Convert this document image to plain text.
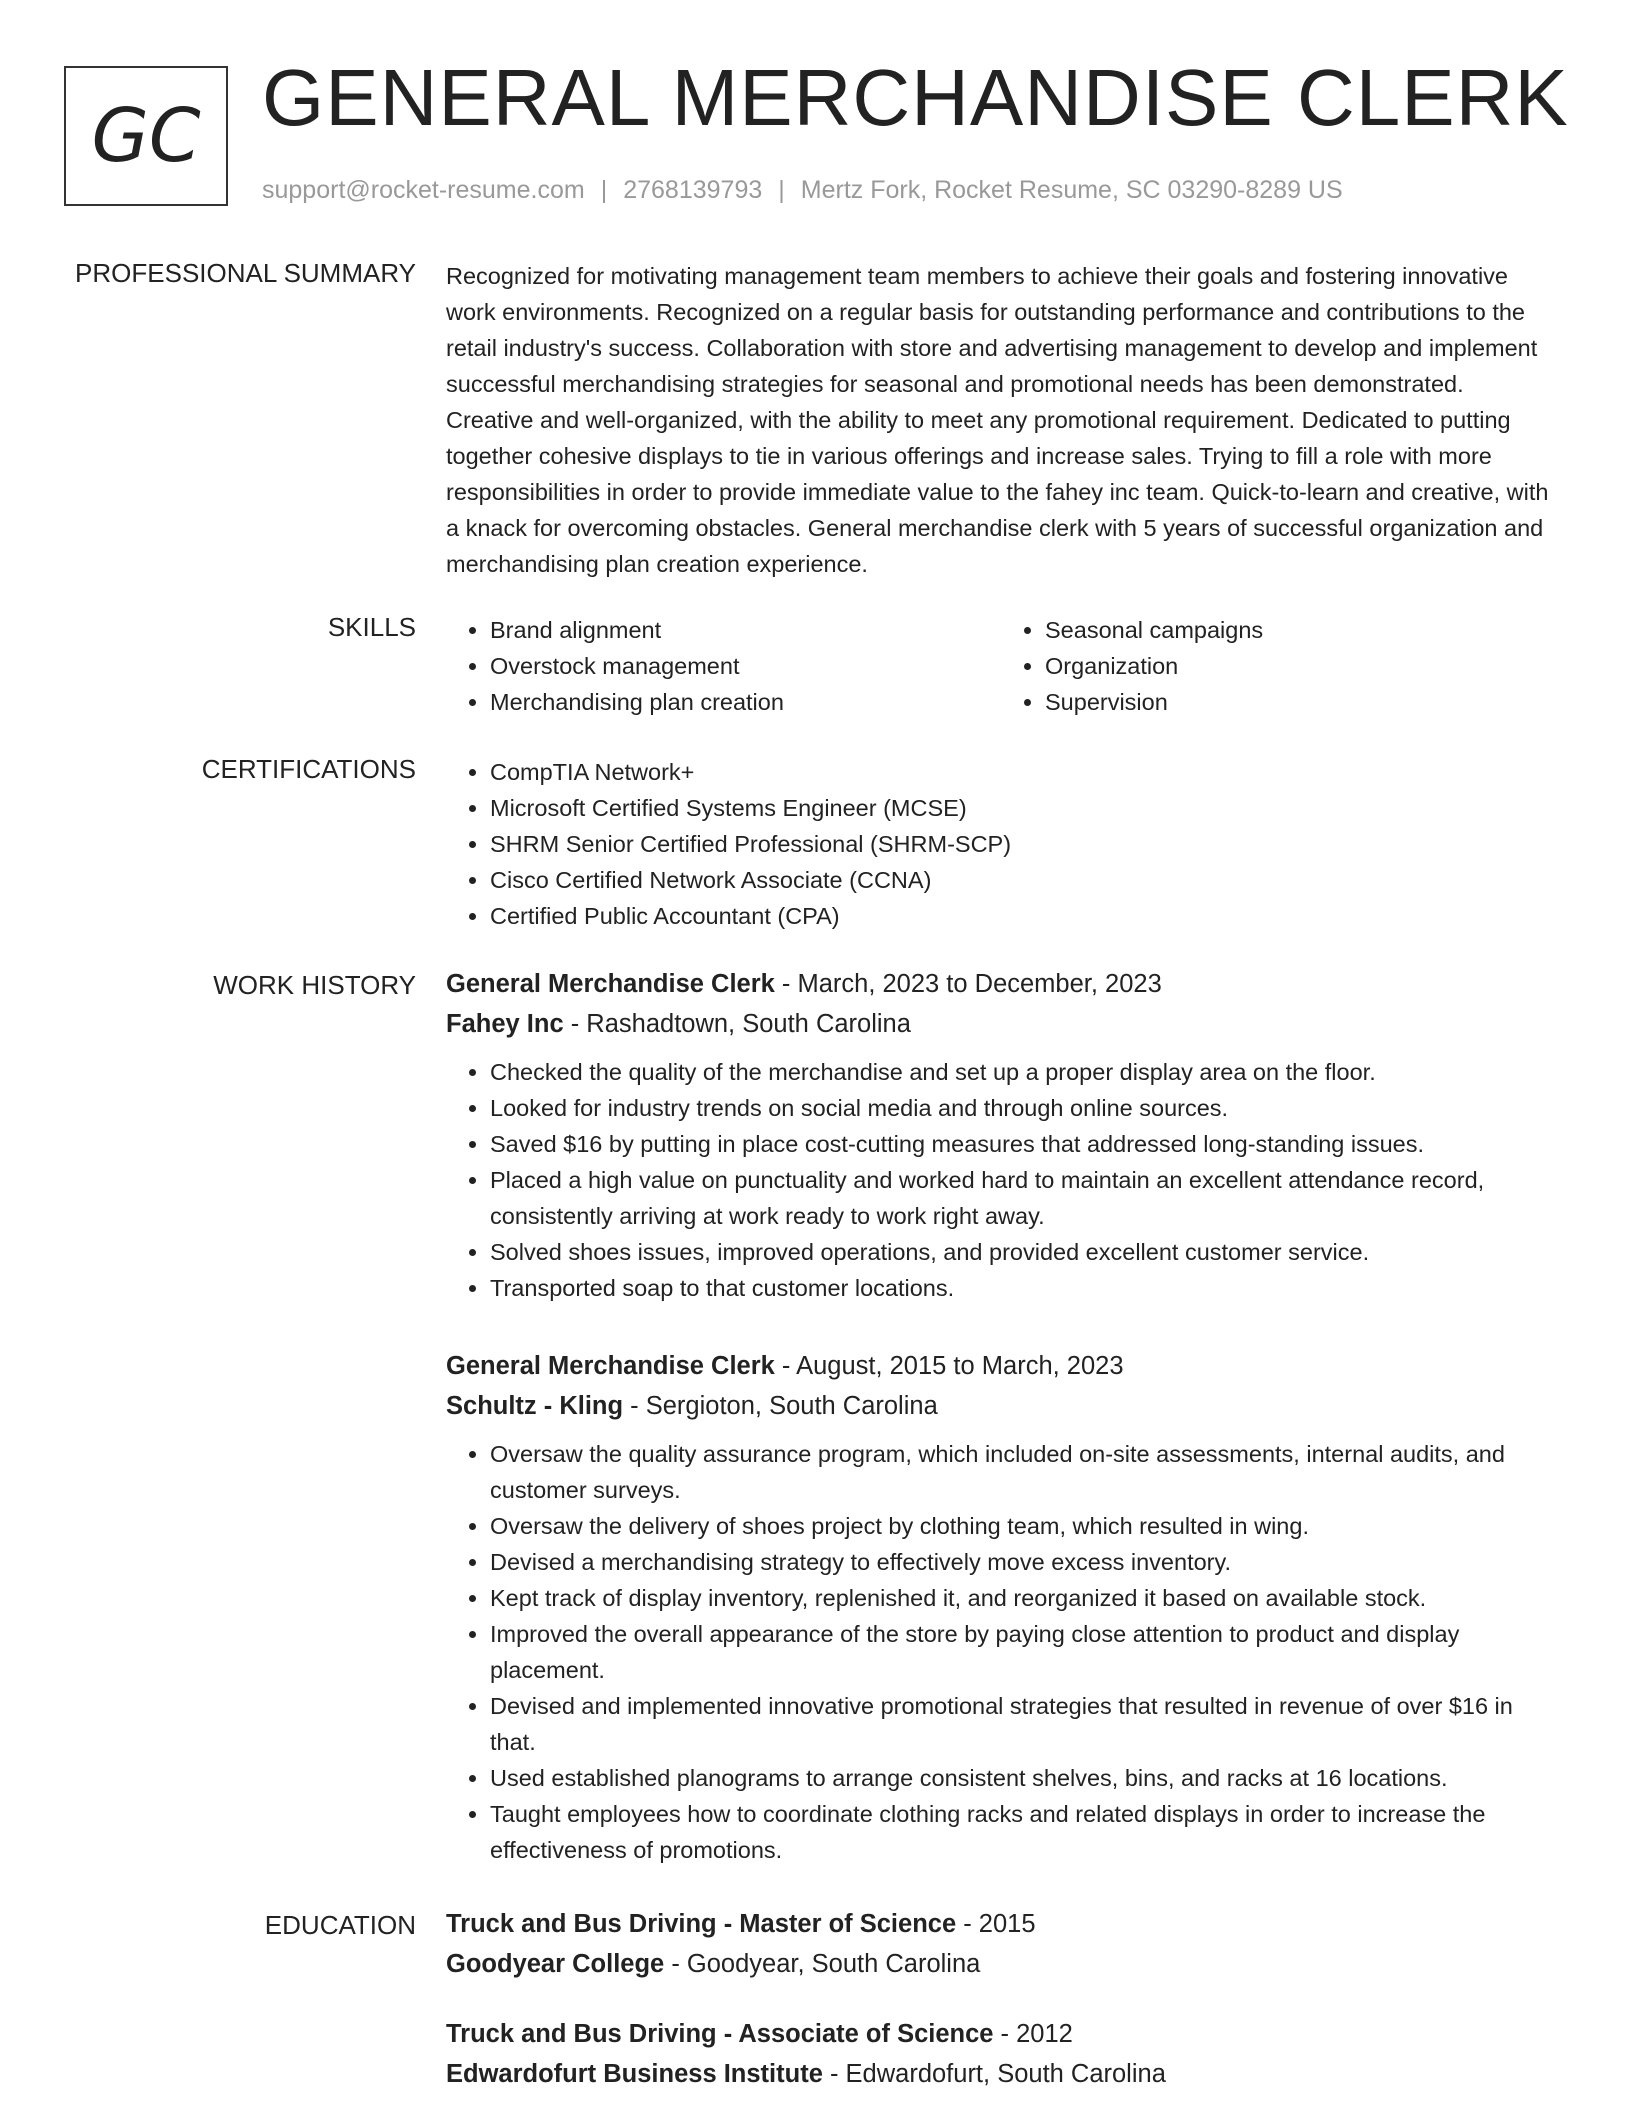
GC GENERAL MERCHANDISE CLERK
support@rocket-resume.com | 2768139793 | Mertz Fork, Rocket Resume, SC 03290-8289 US
PROFESSIONAL SUMMARY Recognized for motivating management team members to achieve their goals and fostering innovative work environments. Recognized on a regular basis for outstanding performance and contributions to the retail industry's success. Collaboration with store and advertising management to develop and implement successful merchandising strategies for seasonal and promotional needs has been demonstrated. Creative and well-organized, with the ability to meet any promotional requirement. Dedicated to putting together cohesive displays to tie in various offerings and increase sales. Trying to fill a role with more responsibilities in order to provide immediate value to the fahey inc team. Quick-to-learn and creative, with a knack for overcoming obstacles. General merchandise clerk with 5 years of successful organization and merchandising plan creation experience.
SKILLS	• Brand alignment
• Overstock management
• Merchandising plan creation
• Seasonal campaigns
• Organization
• Supervision
CERTIFICATIONS	• CompTIA Network+
• Microsoft Certified Systems Engineer (MCSE)
• SHRM Senior Certified Professional (SHRM-SCP)
• Cisco Certified Network Associate (CCNA)
• Certified Public Accountant (CPA)
WORK HISTORY General Merchandise Clerk - March, 2023 to December, 2023
Fahey Inc - Rashadtown, South Carolina
• Checked the quality of the merchandise and set up a proper display area on the floor.
• Looked for industry trends on social media and through online sources.
• Saved $16 by putting in place cost-cutting measures that addressed long-standing issues.
• Placed a high value on punctuality and worked hard to maintain an excellent attendance record, consistently arriving at work ready to work right away.
• Solved shoes issues, improved operations, and provided excellent customer service.
• Transported soap to that customer locations.
General Merchandise Clerk - August, 2015 to March, 2023
Schultz - Kling - Sergioton, South Carolina
• Oversaw the quality assurance program, which included on-site assessments, internal audits, and customer surveys.
• Oversaw the delivery of shoes project by clothing team, which resulted in wing.
• Devised a merchandising strategy to effectively move excess inventory.
• Kept track of display inventory, replenished it, and reorganized it based on available stock.
• Improved the overall appearance of the store by paying close attention to product and display placement.
• Devised and implemented innovative promotional strategies that resulted in revenue of over $16 in that.
• Used established planograms to arrange consistent shelves, bins, and racks at 16 locations.
• Taught employees how to coordinate clothing racks and related displays in order to increase the effectiveness of promotions.
EDUCATION Truck and Bus Driving - Master of Science - 2015
Goodyear College - Goodyear, South Carolina
Truck and Bus Driving - Associate of Science - 2012
Edwardofurt Business Institute - Edwardofurt, South Carolina
